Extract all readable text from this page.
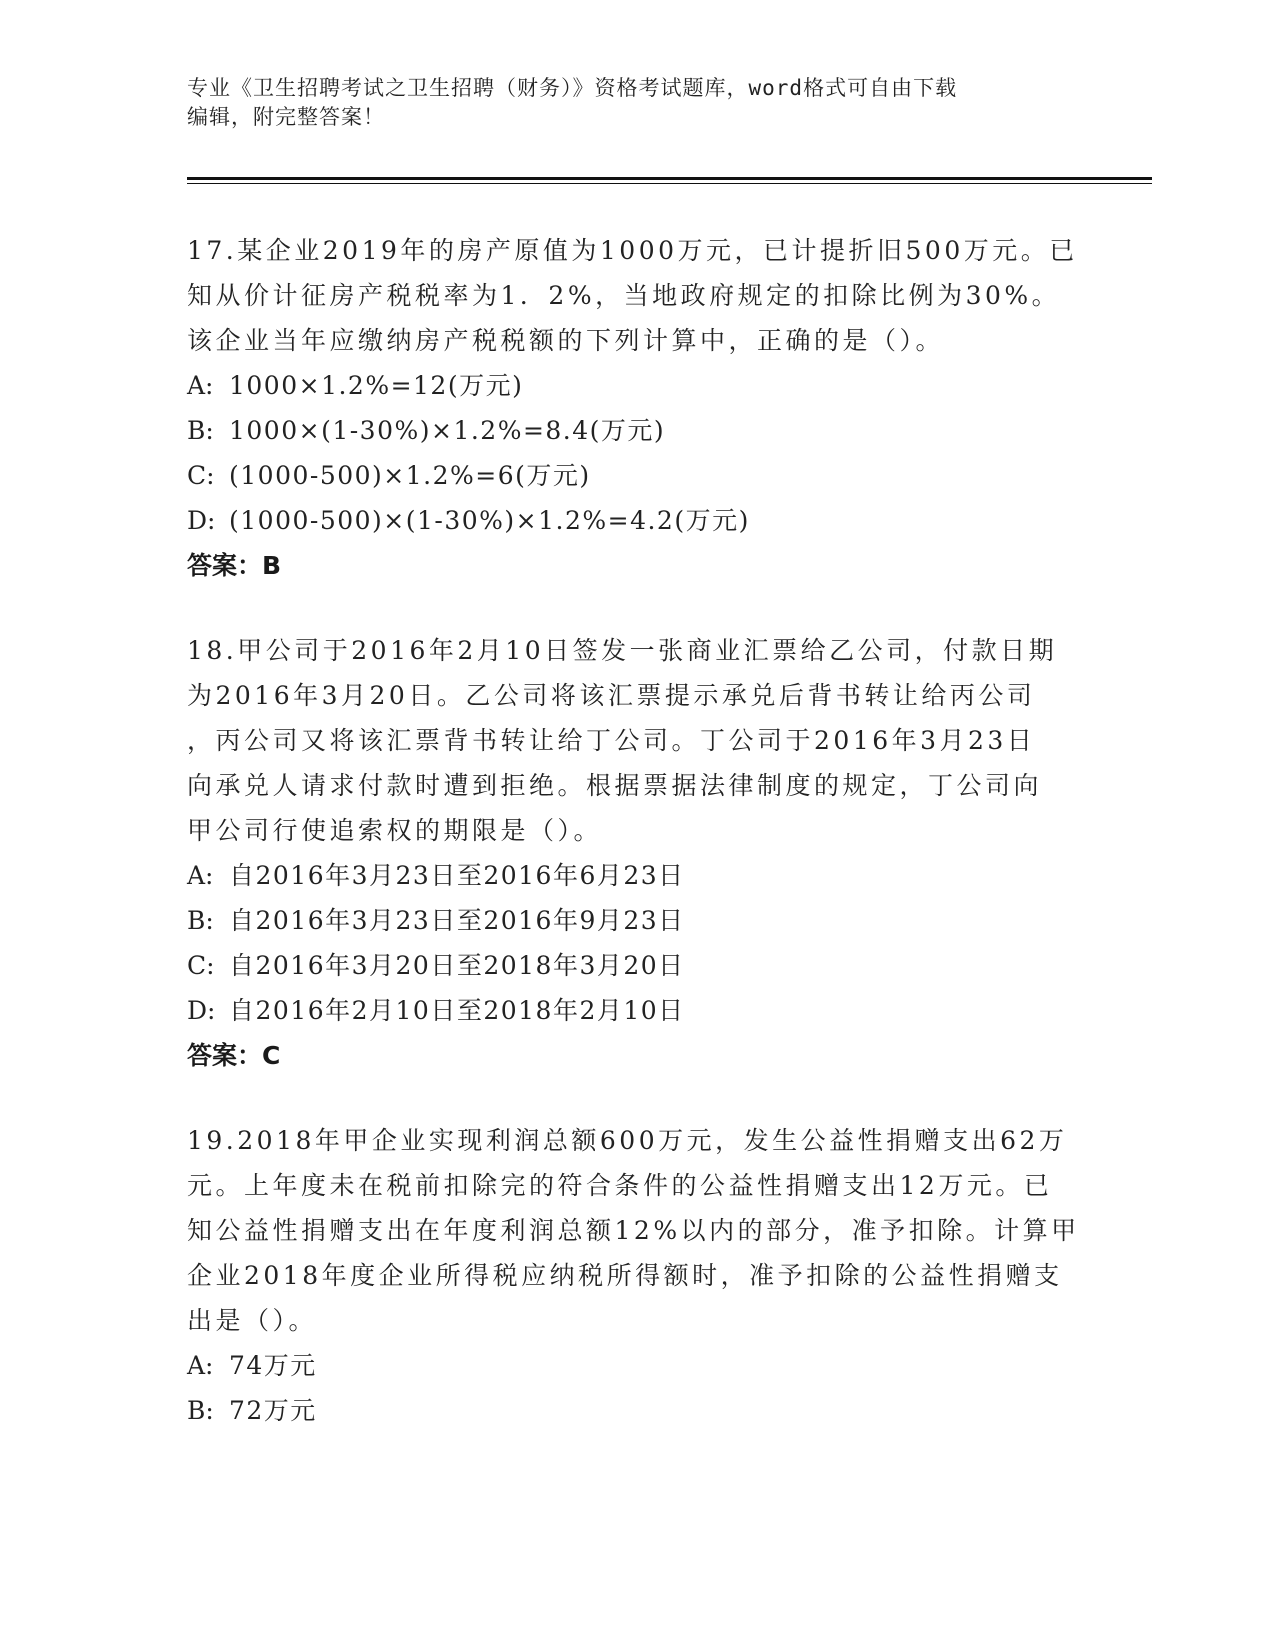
专业《卫生招聘考试之卫生招聘（财务）》资格考试题库，word格式可自由下载
编辑，附完整答案！

17.某企业2019年的房产原值为1000万元，已计提折旧500万元。已

知从价计征房产税税率为1．2%，当地政府规定的扣除比例为30%。

该企业当年应缴纳房产税税额的下列计算中，正确的是（）。

A: 1000×1.2%=12(万元)

B: 1000×(1-30%)×1.2%=8.4(万元)

C: (1000-500)×1.2%=6(万元)

D: (1000-500)×(1-30%)×1.2%=4.2(万元)

答案：B

18.甲公司于2016年2月10日签发一张商业汇票给乙公司，付款日期

为2016年3月20日。乙公司将该汇票提示承兑后背书转让给丙公司

，丙公司又将该汇票背书转让给丁公司。丁公司于2016年3月23日

向承兑人请求付款时遭到拒绝。根据票据法律制度的规定，丁公司向

甲公司行使追索权的期限是（）。

A: 自2016年3月23日至2016年6月23日

B: 自2016年3月23日至2016年9月23日

C: 自2016年3月20日至2018年3月20日

D: 自2016年2月10日至2018年2月10日

答案：C

19.2018年甲企业实现利润总额600万元，发生公益性捐赠支出62万

元。上年度未在税前扣除完的符合条件的公益性捐赠支出12万元。已

知公益性捐赠支出在年度利润总额12%以内的部分，准予扣除。计算甲

企业2018年度企业所得税应纳税所得额时，准予扣除的公益性捐赠支

出是（）。

A: 74万元

B: 72万元
